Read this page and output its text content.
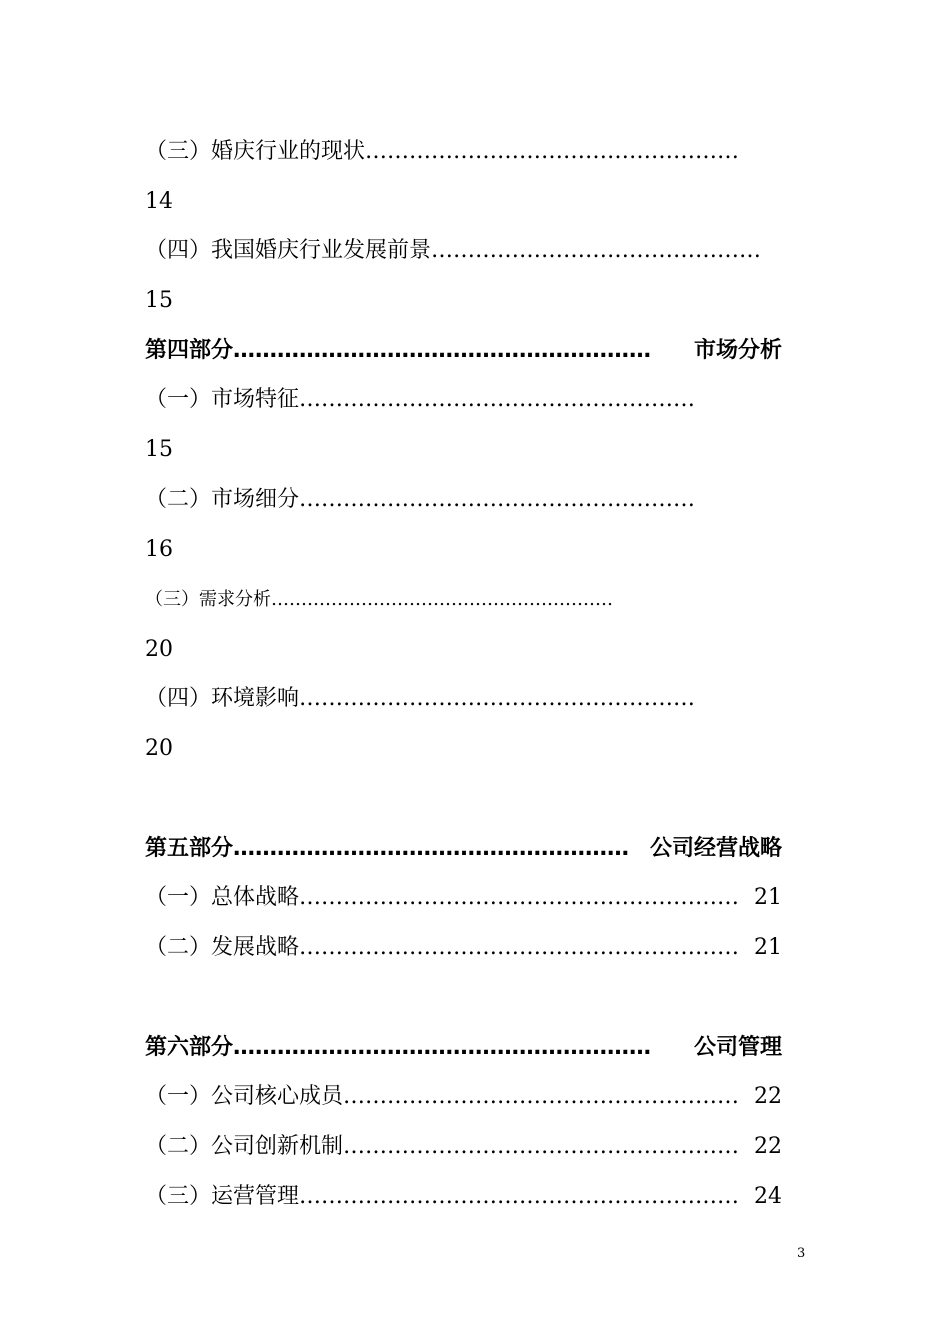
（三）婚庆行业的现状……………………………………………
14
（四）我国婚庆行业发展前景………………………………………
15
第四部分 …………………………………………………	市场分析
（一）市场特征………………………………………………
15
（二）市场细分………………………………………………
16
（三）需求分析…………………………………………………
20
（四）环境影响………………………………………………
20
第五部分 ……………………………………………… 公司经营战略
（一）总体战略 …………………………………………………… 21
（二）发展战略 …………………………………………………… 21
第六部分 …………………………………………………	公司管理
（一）公司核心成员 ……………………………………………… 22
（二）公司创新机制 ……………………………………………… 22
（三）运营管理 …………………………………………………… 24
3
